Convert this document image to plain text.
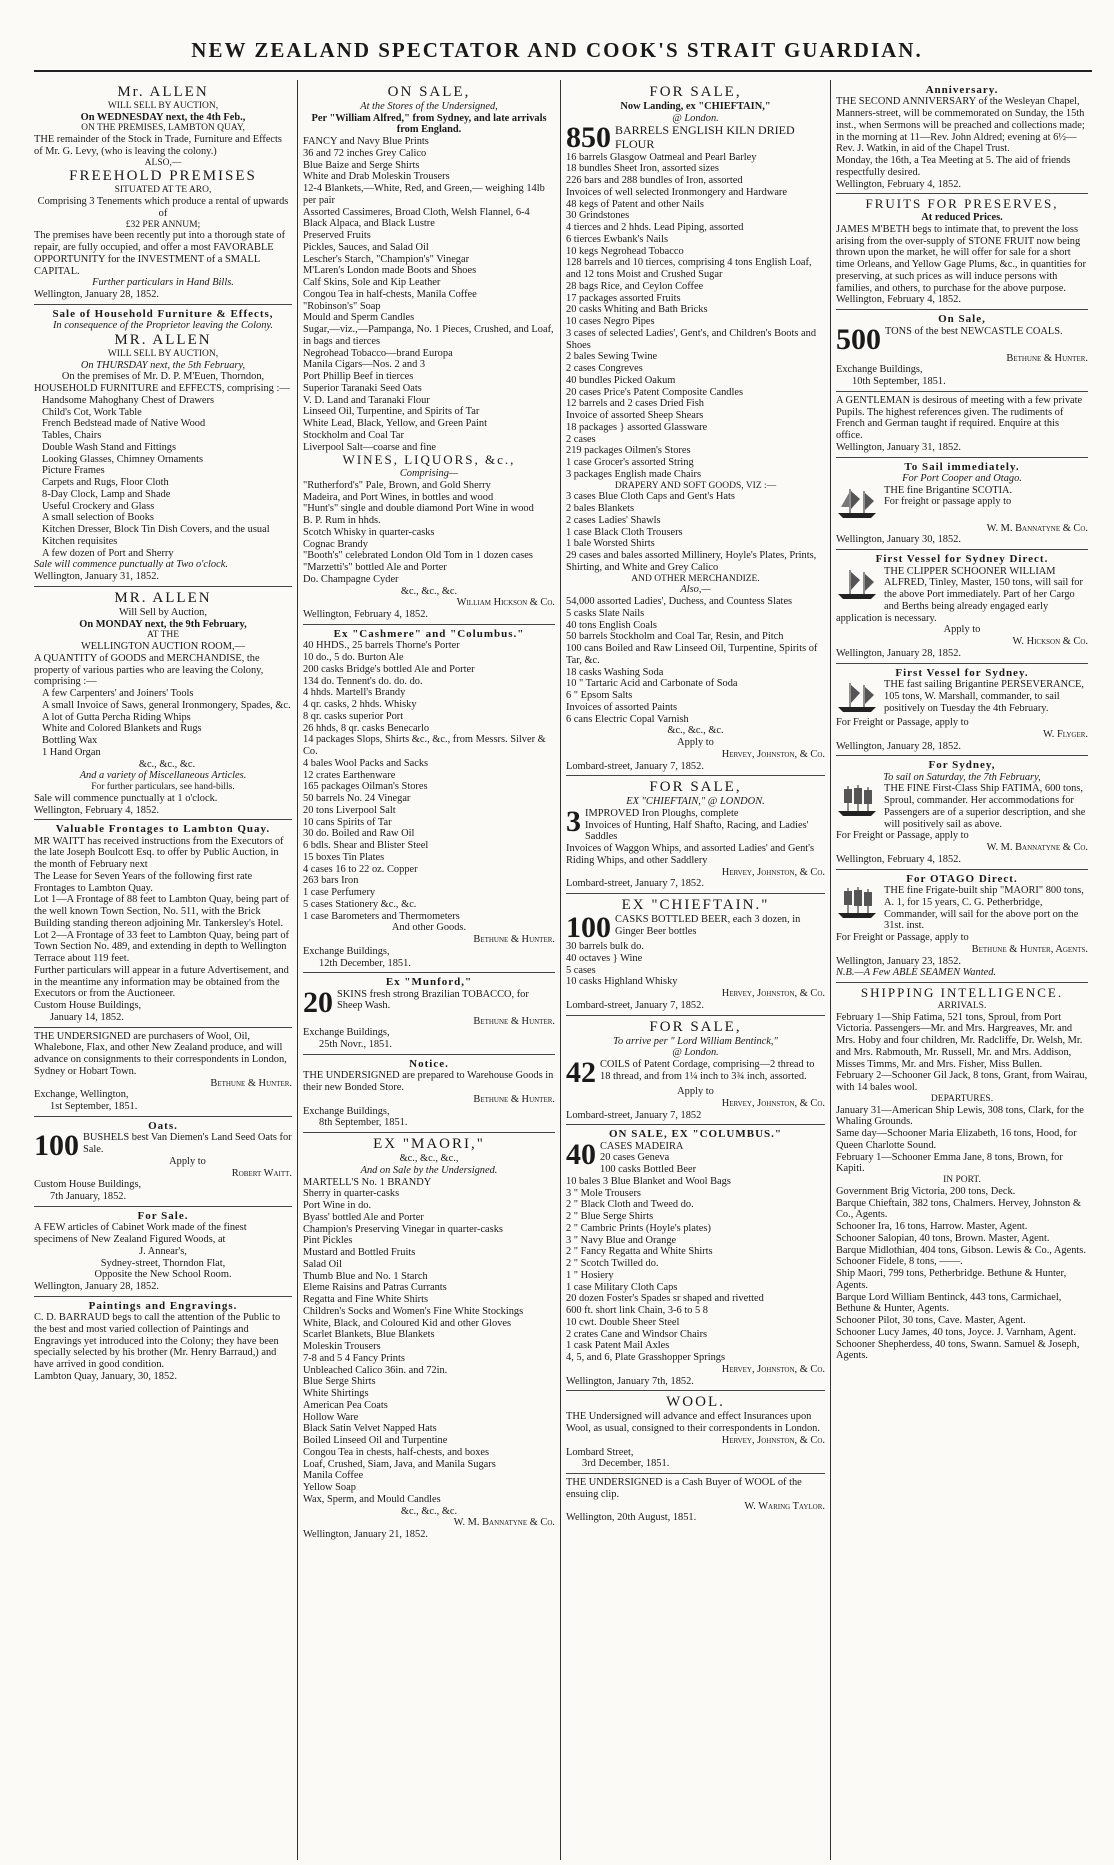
NEW ZEALAND SPECTATOR AND COOK'S STRAIT GUARDIAN.

Mr. ALLEN

WILL SELL BY AUCTION,

On WEDNESDAY next, the 4th Feb.,

ON THE PREMISES, LAMBTON QUAY,

THE remainder of the Stock in Trade, Furniture and Effects of Mr. G. Levy, (who is leaving the colony.)

ALSO,—

FREEHOLD PREMISES

SITUATED AT TE ARO,

Comprising 3 Tenements which produce a rental of upwards of

£32 PER ANNUM;

The premises have been recently put into a thorough state of repair, are fully occupied, and offer a most FAVORABLE OPPORTUNITY for the INVESTMENT of a SMALL CAPITAL.

Further particulars in Hand Bills.

Wellington, January 28, 1852.

Sale of Household Furniture & Effects,

In consequence of the Proprietor leaving the Colony.

MR. ALLEN

WILL SELL BY AUCTION,

On THURSDAY next, the 5th February,

On the premises of Mr. D. P. M'Euen, Thorndon,

HOUSEHOLD FURNITURE and EFFECTS, comprising :—

Handsome Mahoghany Chest of Drawers

Child's Cot, Work Table

French Bedstead made of Native Wood

Tables, Chairs

Double Wash Stand and Fittings

Looking Glasses, Chimney Ornaments

Picture Frames

Carpets and Rugs, Floor Cloth

8-Day Clock, Lamp and Shade

Useful Crockery and Glass

A small selection of Books

Kitchen Dresser, Block Tin Dish Covers, and the usual Kitchen requisites

A few dozen of Port and Sherry

Sale will commence punctually at Two o'clock.

Wellington, January 31, 1852.

MR. ALLEN

Will Sell by Auction,

On MONDAY next, the 9th February,

AT THE

WELLINGTON AUCTION ROOM,—

A QUANTITY of GOODS and MERCHANDISE, the property of various parties who are leaving the Colony, comprising :—

A few Carpenters' and Joiners' Tools

A small Invoice of Saws, general Ironmongery, Spades, &c.

A lot of Gutta Percha Riding Whips

White and Colored Blankets and Rugs

Bottling Wax

1 Hand Organ

&c., &c., &c.

And a variety of Miscellaneous Articles.

For further particulars, see hand-bills.

Sale will commence punctually at 1 o'clock.

Wellington, February 4, 1852.

Valuable Frontages to Lambton Quay.

MR WAITT has received instructions from the Executors of the late Joseph Boulcott Esq. to offer by Public Auction, in the month of February next

The Lease for Seven Years of the following first rate Frontages to Lambton Quay.

Lot 1—A Frontage of 88 feet to Lambton Quay, being part of the well known Town Section, No. 511, with the Brick Building standing thereon adjoining Mr. Tankersley's Hotel.

Lot 2—A Frontage of 33 feet to Lambton Quay, being part of Town Section No. 489, and extending in depth to Wellington Terrace about 119 feet.

Further particulars will appear in a future Advertisement, and in the meantime any information may be obtained from the Executors or from the Auctioneer.

Custom House Buildings,

January 14, 1852.

THE UNDERSIGNED are purchasers of Wool, Oil, Whalebone, Flax, and other New Zealand produce, and will advance on consignments to their correspondents in London, Sydney or Hobart Town.

Bethune & Hunter.

Exchange, Wellington,

1st September, 1851.

Oats.

100 BUSHELS best Van Diemen's Land Seed Oats for Sale.

Apply to

Robert Waitt.

Custom House Buildings,

7th January, 1852.

For Sale.

A FEW articles of Cabinet Work made of the finest specimens of New Zealand Figured Woods, at

J. Annear's,

Sydney-street, Thorndon Flat,

Opposite the New School Room.

Wellington, January 28, 1852.

Paintings and Engravings.

C. D. BARRAUD begs to call the attention of the Public to the best and most varied collection of Paintings and Engravings yet introduced into the Colony; they have been specially selected by his brother (Mr. Henry Barraud,) and have arrived in good condition.

Lambton Quay, January, 30, 1852.

ON SALE,

At the Stores of the Undersigned,

Per "William Alfred," from Sydney, and late arrivals from England.

FANCY and Navy Blue Prints

36 and 72 inches Grey Calico

Blue Baize and Serge Shirts

White and Drab Moleskin Trousers

12-4 Blankets,—White, Red, and Green,— weighing 14lb per pair

Assorted Cassimeres, Broad Cloth, Welsh Flannel, 6-4 Black Alpaca, and Black Lustre

Preserved Fruits

Pickles, Sauces, and Salad Oil

Lescher's Starch, "Champion's" Vinegar

M'Laren's London made Boots and Shoes

Calf Skins, Sole and Kip Leather

Congou Tea in half-chests, Manila Coffee

"Robinson's" Soap

Mould and Sperm Candles

Sugar,—viz.,—Pampanga, No. 1 Pieces, Crushed, and Loaf, in bags and tierces

Negrohead Tobacco—brand Europa

Manila Cigars—Nos. 2 and 3

Port Phillip Beef in tierces

Superior Taranaki Seed Oats

V. D. Land and Taranaki Flour

Linseed Oil, Turpentine, and Spirits of Tar

White Lead, Black, Yellow, and Green Paint

Stockholm and Coal Tar

Liverpool Salt—coarse and fine

WINES, LIQUORS, &c.,

Comprising—

"Rutherford's" Pale, Brown, and Gold Sherry

Madeira, and Port Wines, in bottles and wood

"Hunt's" single and double diamond Port Wine in wood

B. P. Rum in hhds.

Scotch Whisky in quarter-casks

Cognac Brandy

"Booth's" celebrated London Old Tom in 1 dozen cases

"Marzetti's" bottled Ale and Porter

Do. Champagne Cyder

&c., &c., &c.

William Hickson & Co.

Wellington, February 4, 1852.

Ex "Cashmere" and "Columbus."

40 HHDS., 25 barrels Thorne's Porter

10 do., 5 do. Burton Ale

200 casks Bridge's bottled Ale and Porter

134 do. Tennent's do. do. do.

4 hhds. Martell's Brandy

4 qr. casks, 2 hhds. Whisky

8 qr. casks superior Port

26 hhds, 8 qr. casks Benecarlo

14 packages Slops, Shirts &c., &c., from Messrs. Silver & Co.

4 bales Wool Packs and Sacks

12 crates Earthenware

165 packages Oilman's Stores

50 barrels No. 24 Vinegar

20 tons Liverpool Salt

10 cans Spirits of Tar

30 do. Boiled and Raw Oil

6 bdls. Shear and Blister Steel

15 boxes Tin Plates

4 cases 16 to 22 oz. Copper

263 bars Iron

1 case Perfumery

5 cases Stationery &c., &c.

1 case Barometers and Thermometers

And other Goods.

Bethune & Hunter.

Exchange Buildings,

12th December, 1851.

Ex "Munford,"

20 SKINS fresh strong Brazilian TOBACCO, for Sheep Wash.

Bethune & Hunter.

Exchange Buildings,

25th Novr., 1851.

Notice.

THE UNDERSIGNED are prepared to Warehouse Goods in their new Bonded Store.

Bethune & Hunter.

Exchange Buildings,

8th September, 1851.

EX "MAORI,"

&c., &c., &c.,

And on Sale by the Undersigned.

MARTELL'S No. 1 BRANDY

Sherry in quarter-casks

Port Wine in do.

Byass' bottled Ale and Porter

Champion's Preserving Vinegar in quarter-casks

Pint Pickles

Mustard and Bottled Fruits

Salad Oil

Thumb Blue and No. 1 Starch

Eleme Raisins and Patras Currants

Regatta and Fine White Shirts

Children's Socks and Women's Fine White Stockings

White, Black, and Coloured Kid and other Gloves

Scarlet Blankets, Blue Blankets

Moleskin Trousers

7-8 and 5 4 Fancy Prints

Unbleached Calico 36in. and 72in.

Blue Serge Shirts

White Shirtings

American Pea Coats

Hollow Ware

Black Satin Velvet Napped Hats

Boiled Linseed Oil and Turpentine

Congou Tea in chests, half-chests, and boxes

Loaf, Crushed, Siam, Java, and Manila Sugars

Manila Coffee

Yellow Soap

Wax, Sperm, and Mould Candles

&c., &c., &c.

W. M. Bannatyne & Co.

Wellington, January 21, 1852.

FOR SALE,

Now Landing, ex "CHIEFTAIN,"

@ London.

850 BARRELS ENGLISH KILN DRIED FLOUR

16 barrels Glasgow Oatmeal and Pearl Barley

18 bundles Sheet Iron, assorted sizes

226 bars and 288 bundles of Iron, assorted

Invoices of well selected Ironmongery and Hardware

48 kegs of Patent and other Nails

30 Grindstones

4 tierces and 2 hhds. Lead Piping, assorted

6 tierces Ewbank's Nails

10 kegs Negrohead Tobacco

128 barrels and 10 tierces, comprising 4 tons English Loaf, and 12 tons Moist and Crushed Sugar

28 bags Rice, and Ceylon Coffee

17 packages assorted Fruits

20 casks Whiting and Bath Bricks

10 cases Negro Pipes

3 cases of selected Ladies', Gent's, and Children's Boots and Shoes

2 bales Sewing Twine

2 cases Congreves

40 bundles Picked Oakum

20 cases Price's Patent Composite Candles

12 barrels and 2 cases Dried Fish

Invoice of assorted Sheep Shears

18 packages } assorted Glassware

2 cases

219 packages Oilmen's Stores

1 case Grocer's assorted String

3 packages English made Chairs

DRAPERY AND SOFT GOODS, VIZ :—

3 cases Blue Cloth Caps and Gent's Hats

2 bales Blankets

2 cases Ladies' Shawls

1 case Black Cloth Trousers

1 bale Worsted Shirts

29 cases and bales assorted Millinery, Hoyle's Plates, Prints, Shirting, and White and Grey Calico

AND OTHER MERCHANDIZE.

Also,—

54,000 assorted Ladies', Duchess, and Countess Slates

5 casks Slate Nails

40 tons English Coals

50 barrels Stockholm and Coal Tar, Resin, and Pitch

100 cans Boiled and Raw Linseed Oil, Turpentine, Spirits of Tar, &c.

18 casks Washing Soda

10 " Tartaric Acid and Carbonate of Soda

6 " Epsom Salts

Invoices of assorted Paints

6 cans Electric Copal Varnish

&c., &c., &c.

Apply to

Hervey, Johnston, & Co.

Lombard-street, January 7, 1852.

FOR SALE,

EX "CHIEFTAIN," @ LONDON.

3 IMPROVED Iron Ploughs, complete

Invoices of Hunting, Half Shafto, Racing, and Ladies' Saddles

Invoices of Waggon Whips, and assorted Ladies' and Gent's Riding Whips, and other Saddlery

Hervey, Johnston, & Co.

Lombard-street, January 7, 1852.

EX "CHIEFTAIN."

100 CASKS BOTTLED BEER, each 3 dozen, in Ginger Beer bottles

30 barrels bulk do.

40 octaves } Wine

5 cases

10 casks Highland Whisky

Hervey, Johnston, & Co.

Lombard-street, January 7, 1852.

FOR SALE,

To arrive per " Lord William Bentinck,"

@ London.

42 COILS of Patent Cordage, comprising—2 thread to 18 thread, and from 1¼ inch to 3¾ inch, assorted.

Apply to

Hervey, Johnston, & Co.

Lombard-street, January 7, 1852

ON SALE, EX "COLUMBUS."

40 CASES MADEIRA

20 cases Geneva

100 casks Bottled Beer

10 bales 3 Blue Blanket and Wool Bags

3 " Mole Trousers

2 " Black Cloth and Tweed do.

2 " Blue Serge Shirts

2 " Cambric Prints (Hoyle's plates)

3 " Navy Blue and Orange

2 " Fancy Regatta and White Shirts

2 " Scotch Twilled do.

1 " Hosiery

1 case Military Cloth Caps

20 dozen Foster's Spades sr shaped and rivetted

600 ft. short link Chain, 3-6 to 5 8

10 cwt. Double Sheer Steel

2 crates Cane and Windsor Chairs

1 cask Patent Mail Axles

4, 5, and 6, Plate Grasshopper Springs

Hervey, Johnston, & Co.

Wellington, January 7th, 1852.

WOOL.

THE Undersigned will advance and effect Insurances upon Wool, as usual, consigned to their correspondents in London.

Hervey, Johnston, & Co.

Lombard Street,

3rd December, 1851.

THE UNDERSIGNED is a Cash Buyer of WOOL of the ensuing clip.

W. Waring Taylor.

Wellington, 20th August, 1851.

Anniversary.

THE SECOND ANNIVERSARY of the Wesleyan Chapel, Manners-street, will be commemorated on Sunday, the 15th inst., when Sermons will be preached and collections made; in the morning at 11—Rev. John Aldred; evening at 6½—Rev. J. Watkin, in aid of the Chapel Trust.

Monday, the 16th, a Tea Meeting at 5. The aid of friends respectfully desired.

Wellington, February 4, 1852.

FRUITS FOR PRESERVES,

At reduced Prices.

JAMES M'BETH begs to intimate that, to prevent the loss arising from the over-supply of STONE FRUIT now being thrown upon the market, he will offer for sale for a short time Orleans, and Yellow Gage Plums, &c., in quantities for preserving, at such prices as will induce persons with families, and others, to purchase for the above purpose.

Wellington, February 4, 1852.

On Sale,

500 TONS of the best NEWCASTLE COALS.

Bethune & Hunter.

Exchange Buildings,

10th September, 1851.

A GENTLEMAN is desirous of meeting with a few private Pupils. The highest references given. The rudiments of French and German taught if required. Enquire at this office.

Wellington, January 31, 1852.

To Sail immediately.

For Port Cooper and Otago.

THE fine Brigantine SCOTIA.

For freight or passage apply to

W. M. Bannatyne & Co.

Wellington, January 30, 1852.

First Vessel for Sydney Direct.

THE CLIPPER SCHOONER WILLIAM ALFRED, Tinley, Master, 150 tons, will sail for the above Port immediately. Part of her Cargo and Berths being already engaged early application is necessary.

Apply to

W. Hickson & Co.

Wellington, January 28, 1852.

First Vessel for Sydney.

THE fast sailing Brigantine PERSEVERANCE, 105 tons, W. Marshall, commander, to sail positively on Tuesday the 4th February.

For Freight or Passage, apply to

W. Flyger.

Wellington, January 28, 1852.

For Sydney,

To sail on Saturday, the 7th February,

THE FINE First-Class Ship FATIMA, 600 tons, Sproul, commander. Her accommodations for Passengers are of a superior description, and she will positively sail as above.

For Freight or Passage, apply to

W. M. Bannatyne & Co.

Wellington, February 4, 1852.

For OTAGO Direct.

THE fine Frigate-built ship "MAORI" 800 tons, A. 1, for 15 years, C. G. Petherbridge, Commander, will sail for the above port on the 31st. inst.

For Freight or Passage, apply to

Bethune & Hunter, Agents.

Wellington, January 23, 1852.

N.B.—A Few ABLE SEAMEN Wanted.

SHIPPING INTELLIGENCE.

ARRIVALS.

February 1—Ship Fatima, 521 tons, Sproul, from Port Victoria. Passengers—Mr. and Mrs. Hargreaves, Mr. and Mrs. Hoby and four children, Mr. Radcliffe, Dr. Welsh, Mr. and Mrs. Rabmouth, Mr. Russell, Mr. and Mrs. Addison, Misses Timms, Mr. and Mrs. Fisher, Miss Bullen.

February 2—Schooner Gil Jack, 8 tons, Grant, from Wairau, with 14 bales wool.

DEPARTURES.

January 31—American Ship Lewis, 308 tons, Clark, for the Whaling Grounds.

Same day—Schooner Maria Elizabeth, 16 tons, Hood, for Queen Charlotte Sound.

February 1—Schooner Emma Jane, 8 tons, Brown, for Kapiti.

IN PORT.

Government Brig Victoria, 200 tons, Deck.

Barque Chieftain, 382 tons, Chalmers. Hervey, Johnston & Co., Agents.

Schooner Ira, 16 tons, Harrow. Master, Agent.

Schooner Salopian, 40 tons, Brown. Master, Agent.

Barque Midlothian, 404 tons, Gibson. Lewis & Co., Agents.

Schooner Fidele, 8 tons, ——.

Ship Maori, 799 tons, Petherbridge. Bethune & Hunter, Agents.

Barque Lord William Bentinck, 443 tons, Carmichael, Bethune & Hunter, Agents.

Schooner Pilot, 30 tons, Cave. Master, Agent.

Schooner Lucy James, 40 tons, Joyce. J. Varnham, Agent.

Schooner Shepherdess, 40 tons, Swann. Samuel & Joseph, Agents.
